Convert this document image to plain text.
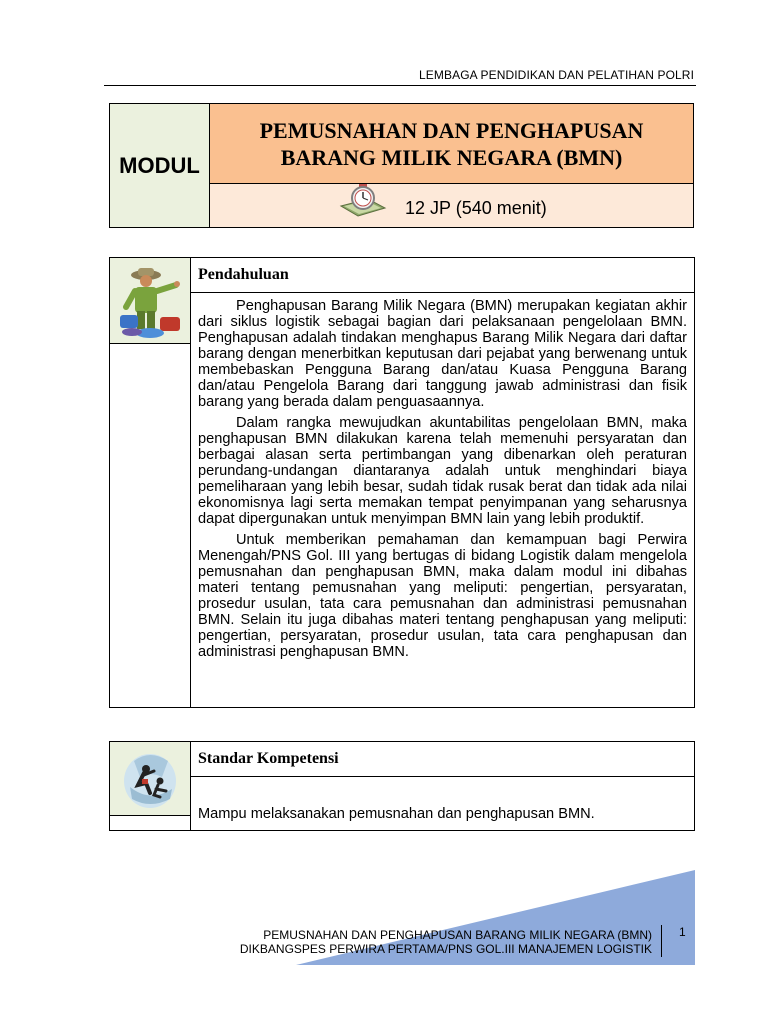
LEMBAGA PENDIDIKAN DAN PELATIHAN POLRI
MODUL
PEMUSNAHAN DAN PENGHAPUSAN
BARANG MILIK NEGARA (BMN)
12 JP (540 menit)
Pendahuluan

Penghapusan Barang Milik Negara (BMN) merupakan kegiatan akhir dari siklus logistik sebagai bagian dari pelaksanaan pengelolaan BMN. Penghapusan adalah tindakan menghapus Barang Milik Negara dari daftar barang dengan menerbitkan keputusan dari pejabat yang berwenang untuk membebaskan Pengguna Barang dan/atau Kuasa Pengguna Barang dan/atau Pengelola Barang dari tanggung jawab administrasi dan fisik barang yang berada dalam penguasaannya.

Dalam rangka mewujudkan akuntabilitas pengelolaan BMN, maka penghapusan BMN dilakukan karena telah memenuhi persyaratan dan berbagai alasan serta pertimbangan yang dibenarkan oleh peraturan perundang-undangan diantaranya adalah untuk menghindari biaya pemeliharaan yang lebih besar, sudah tidak rusak berat dan tidak ada nilai ekonomisnya lagi serta memakan tempat penyimpanan yang seharusnya dapat dipergunakan untuk menyimpan BMN lain yang lebih produktif.

Untuk memberikan pemahaman dan kemampuan bagi Perwira Menengah/PNS Gol. III yang bertugas di bidang Logistik dalam mengelola pemusnahan dan penghapusan BMN, maka dalam modul ini dibahas materi tentang pemusnahan yang meliputi: pengertian, persyaratan, prosedur usulan, tata cara pemusnahan dan administrasi pemusnahan BMN. Selain itu juga dibahas materi tentang penghapusan yang meliputi: pengertian, persyaratan, prosedur usulan, tata cara penghapusan dan administrasi penghapusan BMN.

Standar Kompetensi
Mampu melaksanakan pemusnahan dan penghapusan BMN.
PEMUSNAHAN DAN PENGHAPUSAN BARANG MILIK NEGARA (BMN)
DIKBANGSPES PERWIRA PERTAMA/PNS GOL.III MANAJEMEN LOGISTIK
1
